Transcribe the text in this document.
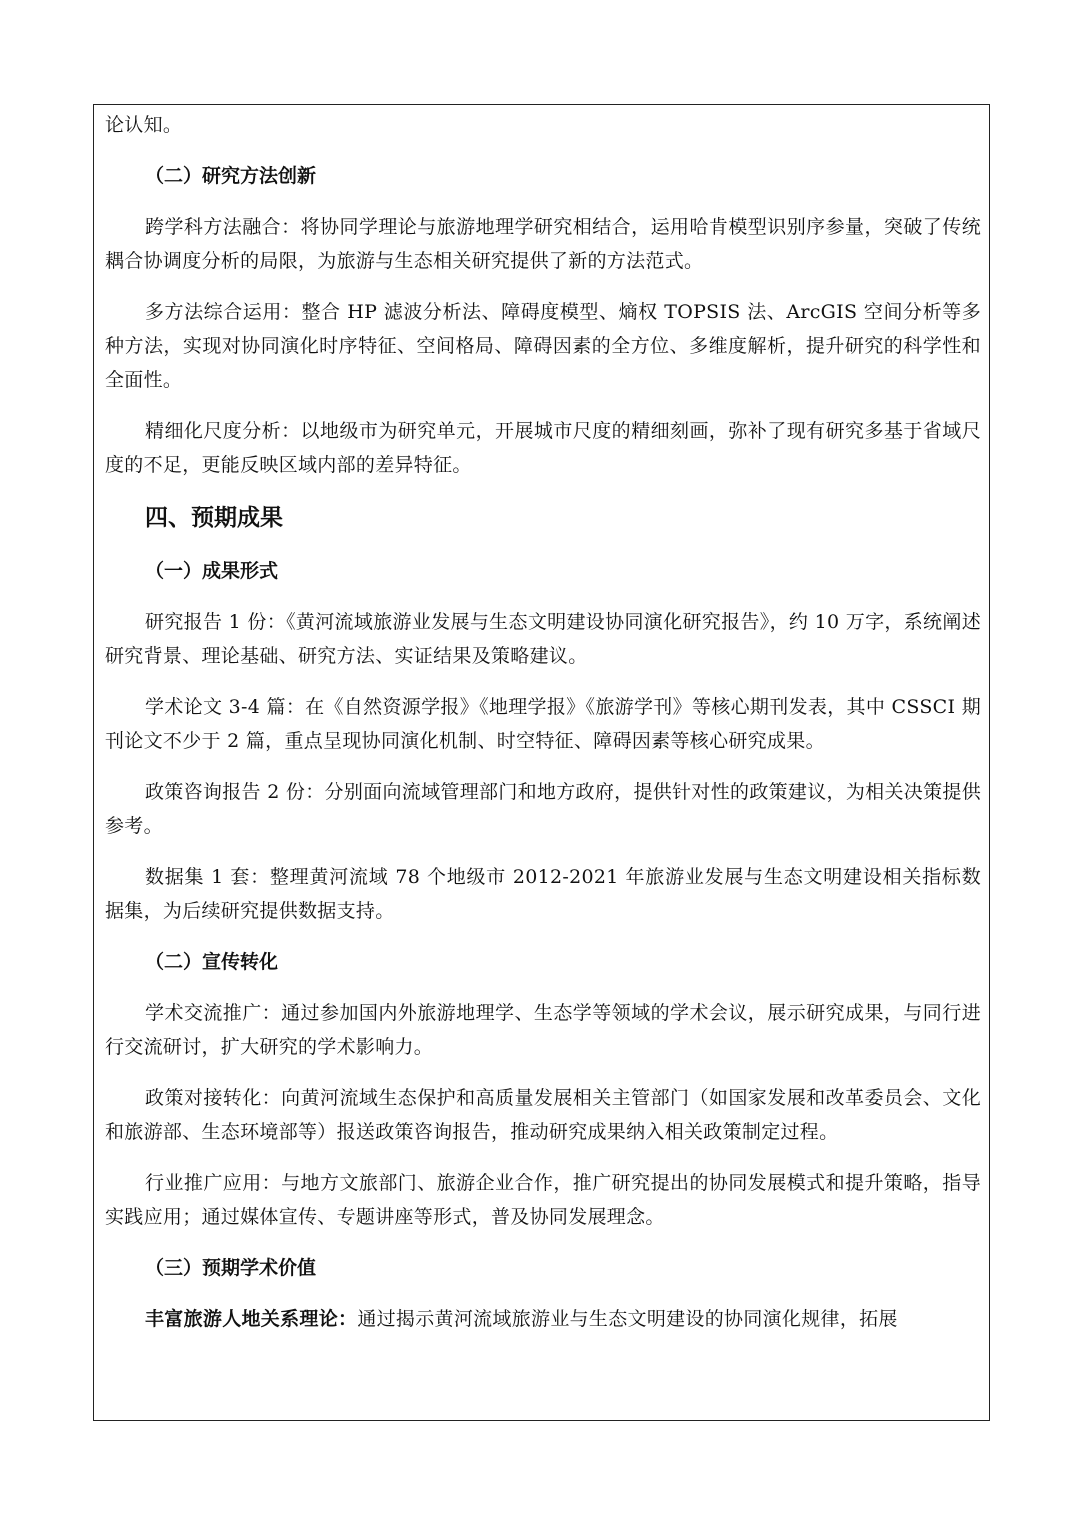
论认知。

（二）研究方法创新

跨学科方法融合：将协同学理论与旅游地理学研究相结合，运用哈肯模型识别序参量，突破了传统耦合协调度分析的局限，为旅游与生态相关研究提供了新的方法范式。

多方法综合运用：整合 HP 滤波分析法、障碍度模型、熵权 TOPSIS 法、ArcGIS 空间分析等多种方法，实现对协同演化时序特征、空间格局、障碍因素的全方位、多维度解析，提升研究的科学性和全面性。

精细化尺度分析：以地级市为研究单元，开展城市尺度的精细刻画，弥补了现有研究多基于省域尺度的不足，更能反映区域内部的差异特征。

四、预期成果

（一）成果形式

研究报告 1 份：《黄河流域旅游业发展与生态文明建设协同演化研究报告》，约 10 万字，系统阐述研究背景、理论基础、研究方法、实证结果及策略建议。

学术论文 3-4 篇：在《自然资源学报》《地理学报》《旅游学刊》等核心期刊发表，其中 CSSCI 期刊论文不少于 2 篇，重点呈现协同演化机制、时空特征、障碍因素等核心研究成果。

政策咨询报告 2 份：分别面向流域管理部门和地方政府，提供针对性的政策建议，为相关决策提供参考。

数据集 1 套：整理黄河流域 78 个地级市 2012-2021 年旅游业发展与生态文明建设相关指标数据集，为后续研究提供数据支持。

（二）宣传转化

学术交流推广：通过参加国内外旅游地理学、生态学等领域的学术会议，展示研究成果，与同行进行交流研讨，扩大研究的学术影响力。

政策对接转化：向黄河流域生态保护和高质量发展相关主管部门（如国家发展和改革委员会、文化和旅游部、生态环境部等）报送政策咨询报告，推动研究成果纳入相关政策制定过程。

行业推广应用：与地方文旅部门、旅游企业合作，推广研究提出的协同发展模式和提升策略，指导实践应用；通过媒体宣传、专题讲座等形式，普及协同发展理念。

（三）预期学术价值

丰富旅游人地关系理论：通过揭示黄河流域旅游业与生态文明建设的协同演化规律，拓展
